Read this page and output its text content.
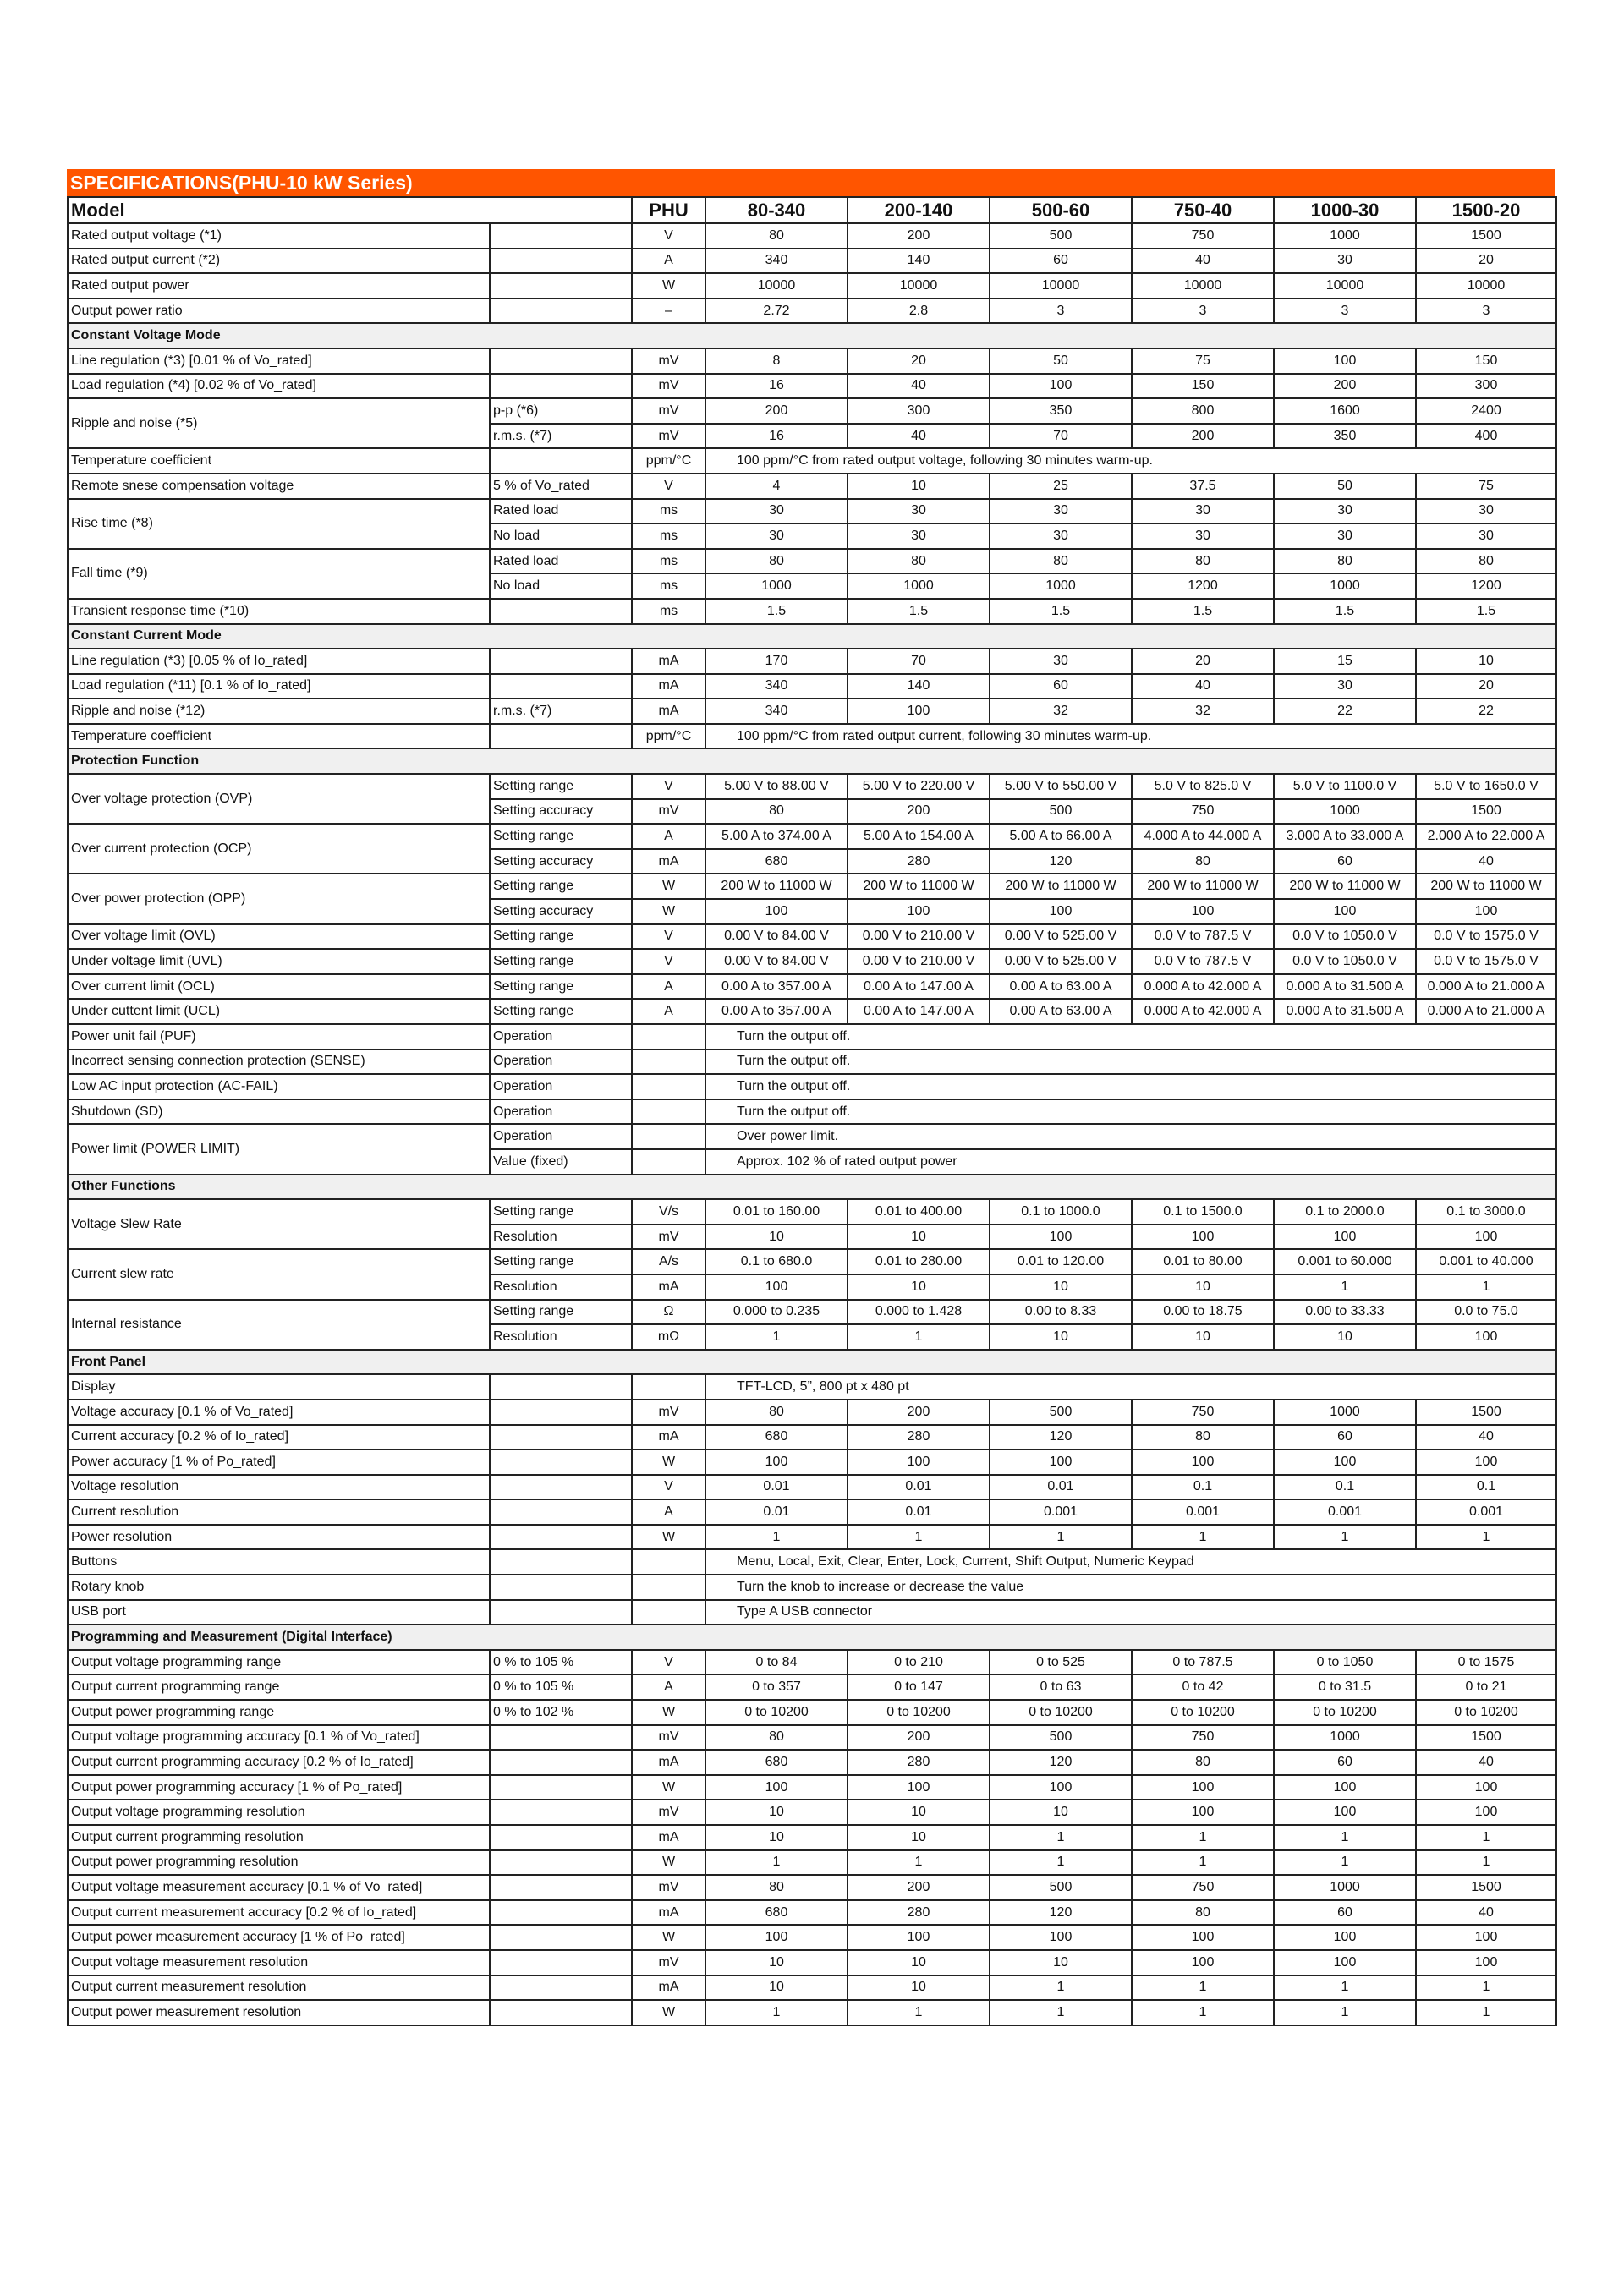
SPECIFICATIONS(PHU-10 kW Series)
Model		PHU	80-340	200-140	500-60	750-40	1000-30	1500-20
Rated output voltage (*1)		V	80	200	500	750	1000	1500
Rated output current (*2)		A	340	140	60	40	30	20
Rated output power		W	10000	10000	10000	10000	10000	10000
Output power ratio		–	2.72	2.8	3	3	3	3
Constant Voltage Mode								
Line regulation (*3) [0.01 % of Vo_rated]		mV	8	20	50	75	100	150
Load regulation (*4) [0.02 % of Vo_rated]		mV	16	40	100	150	200	300
Ripple and noise (*5)	p-p (*6)	mV	200	300	350	800	1600	2400
	r.m.s. (*7)	mV	16	40	70	200	350	400
Temperature coefficient		ppm/°C	100 ppm/°C from rated output voltage, following 30 minutes warm-up.					
Remote snese compensation voltage	5 % of Vo_rated	V	4	10	25	37.5	50	75
Rise time (*8)	Rated load	ms	30	30	30	30	30	30
	No load	ms	30	30	30	30	30	30
Fall time (*9)	Rated load	ms	80	80	80	80	80	80
	No load	ms	1000	1000	1000	1200	1000	1200
Transient response time (*10)		ms	1.5	1.5	1.5	1.5	1.5	1.5
Constant Current Mode								
Line regulation (*3) [0.05 % of Io_rated]		mA	170	70	30	20	15	10
Load regulation (*11) [0.1 % of Io_rated]		mA	340	140	60	40	30	20
Ripple and noise (*12)	r.m.s. (*7)	mA	340	100	32	32	22	22
Temperature coefficient		ppm/°C	100 ppm/°C from rated output current, following 30 minutes warm-up.					
Protection Function								
Over voltage protection (OVP)	Setting range	V	5.00 V to 88.00 V	5.00 V to 220.00 V	5.00 V to 550.00 V	5.0 V to 825.0 V	5.0 V to 1100.0 V	5.0 V to 1650.0 V
	Setting accuracy	mV	80	200	500	750	1000	1500
Over current protection (OCP)	Setting range	A	5.00 A to 374.00 A	5.00 A to 154.00 A	5.00 A to 66.00 A	4.000 A to 44.000 A	3.000 A to 33.000 A	2.000 A to 22.000 A
	Setting accuracy	mA	680	280	120	80	60	40
Over power protection (OPP)	Setting range	W	200 W to 11000 W	200 W to 11000 W	200 W to 11000 W	200 W to 11000 W	200 W to 11000 W	200 W to 11000 W
	Setting accuracy	W	100	100	100	100	100	100
Over voltage limit (OVL)	Setting range	V	0.00 V to 84.00 V	0.00 V to 210.00 V	0.00 V to 525.00 V	0.0 V to 787.5 V	0.0 V to 1050.0 V	0.0 V to 1575.0 V
Under voltage limit (UVL)	Setting range	V	0.00 V to 84.00 V	0.00 V to 210.00 V	0.00 V to 525.00 V	0.0 V to 787.5 V	0.0 V to 1050.0 V	0.0 V to 1575.0 V
Over current limit (OCL)	Setting range	A	0.00 A to 357.00 A	0.00 A to 147.00 A	0.00 A to 63.00 A	0.000 A to 42.000 A	0.000 A to 31.500 A	0.000 A to 21.000 A
Under cuttent limit (UCL)	Setting range	A	0.00 A to 357.00 A	0.00 A to 147.00 A	0.00 A to 63.00 A	0.000 A to 42.000 A	0.000 A to 31.500 A	0.000 A to 21.000 A
Power unit fail (PUF)	Operation		Turn the output off.					
Incorrect sensing connection protection (SENSE)	Operation		Turn the output off.					
Low AC input protection (AC-FAIL)	Operation		Turn the output off.					
Shutdown (SD)	Operation		Turn the output off.					
Power limit (POWER LIMIT)	Operation		Over power limit.					
	Value (fixed)		Approx. 102 % of rated output power					
Other Functions								
Voltage Slew Rate	Setting range	V/s	0.01 to 160.00	0.01 to 400.00	0.1 to 1000.0	0.1 to 1500.0	0.1 to 2000.0	0.1 to 3000.0
	Resolution	mV	10	10	100	100	100	100
Current slew rate	Setting range	A/s	0.1 to 680.0	0.01 to 280.00	0.01 to 120.00	0.01 to 80.00	0.001 to 60.000	0.001 to 40.000
	Resolution	mA	100	10	10	10	1	1
Internal resistance	Setting range	Ω	0.000 to 0.235	0.000 to 1.428	0.00 to 8.33	0.00 to 18.75	0.00 to 33.33	0.0 to 75.0
	Resolution	mΩ	1	1	10	10	10	100
Front Panel								
Display			TFT-LCD, 5”, 800 pt x 480 pt					
Voltage accuracy [0.1 % of Vo_rated]		mV	80	200	500	750	1000	1500
Current accuracy [0.2 % of Io_rated]		mA	680	280	120	80	60	40
Power accuracy [1 % of Po_rated]		W	100	100	100	100	100	100
Voltage resolution		V	0.01	0.01	0.01	0.1	0.1	0.1
Current resolution		A	0.01	0.01	0.001	0.001	0.001	0.001
Power resolution		W	1	1	1	1	1	1
Buttons			Menu, Local, Exit, Clear, Enter, Lock, Current, Shift Output, Numeric Keypad					
Rotary knob			Turn the knob to increase or decrease the value					
USB port			Type A USB connector					
Programming and Measurement (Digital Interface)								
Output voltage programming range	0 % to 105 %	V	0 to 84	0 to 210	0 to 525	0 to 787.5	0 to 1050	0 to 1575
Output current programming range	0 % to 105 %	A	0 to 357	0 to 147	0 to 63	0 to 42	0 to 31.5	0 to 21
Output power programming range	0 % to 102 %	W	0 to 10200	0 to 10200	0 to 10200	0 to 10200	0 to 10200	0 to 10200
Output voltage programming accuracy [0.1 % of Vo_rated]		mV	80	200	500	750	1000	1500
Output current programming accuracy [0.2 % of Io_rated]		mA	680	280	120	80	60	40
Output power programming accuracy [1 % of Po_rated]		W	100	100	100	100	100	100
Output voltage programming resolution		mV	10	10	10	100	100	100
Output current programming resolution		mA	10	10	1	1	1	1
Output power programming resolution		W	1	1	1	1	1	1
Output voltage measurement accuracy [0.1 % of Vo_rated]		mV	80	200	500	750	1000	1500
Output current measurement accuracy [0.2 % of Io_rated]		mA	680	280	120	80	60	40
Output power measurement accuracy [1 % of Po_rated]		W	100	100	100	100	100	100
Output voltage measurement resolution		mV	10	10	10	100	100	100
Output current measurement resolution		mA	10	10	1	1	1	1
Output power measurement resolution		W	1	1	1	1	1	1
